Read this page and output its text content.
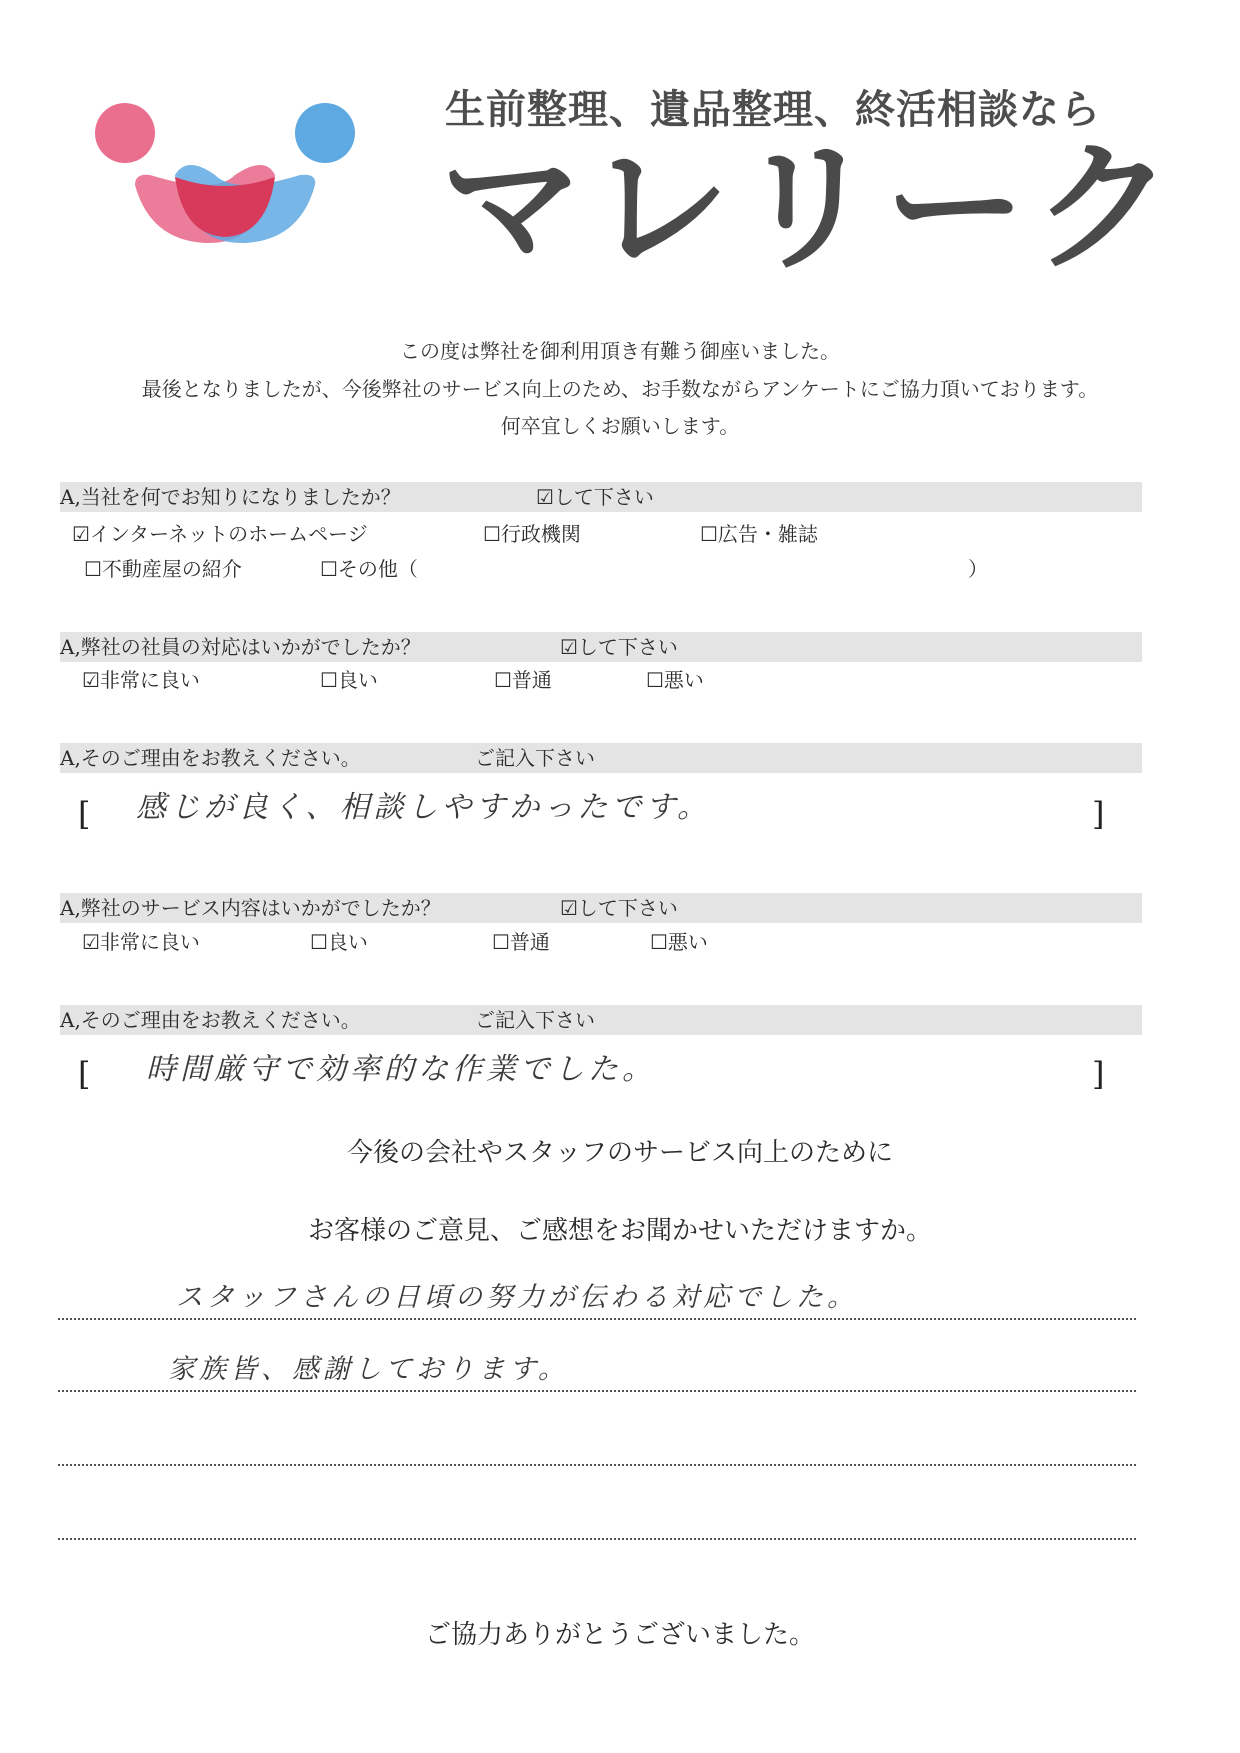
生前整理、遺品整理、終活相談なら
マレリーク
この度は弊社を御利用頂き有難う御座いました。
最後となりましたが、今後弊社のサービス向上のため、お手数ながらアンケートにご協力頂いております。
何卒宜しくお願いします。
A,当社を何でお知りになりましたか？	☑して下さい
☑インターネットのホームページ	☐行政機関	☐広告・雑誌
☐不動産屋の紹介	☐その他（	）
A,弊社の社員の対応はいかがでしたか？	☑して下さい
☑非常に良い	☐良い	☐普通	☐悪い
A,そのご理由をお教えください。	ご記入下さい
[ 感じが良く、相談しやすかったです。	]
A,弊社のサービス内容はいかがでしたか？	☑して下さい
☑非常に良い	☐良い	☐普通	☐悪い
A,そのご理由をお教えください。	ご記入下さい
[ 時間厳守で効率的な作業でした。	]
今後の会社やスタッフのサービス向上のために
お客様のご意見、ご感想をお聞かせいただけますか。
スタッフさんの日頃の努力が伝わる対応でした。
家族皆、感謝しております。
ご協力ありがとうございました。
